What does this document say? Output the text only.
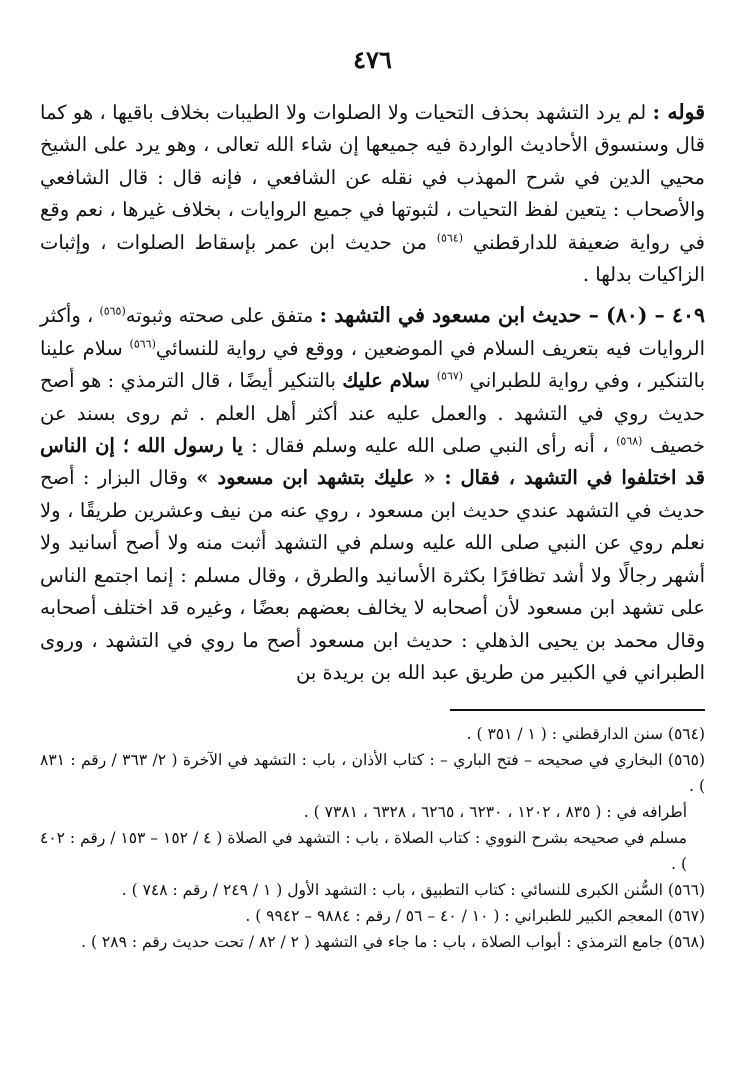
٤٧٦

قوله : لم يرد التشهد بحذف التحيات ولا الصلوات ولا الطيبات بخلاف باقيها ، هو كما قال وسنسوق الأحاديث الواردة فيه جميعها إن شاء الله تعالى ، وهو يرد على الشيخ محيي الدين في شرح المهذب في نقله عن الشافعي ، فإنه قال : قال الشافعي والأصحاب : يتعين لفظ التحيات ، لثبوتها في جميع الروايات ، بخلاف غيرها ، نعم وقع في رواية ضعيفة للدارقطني $^{(٥٦٤)}$ من حديث ابن عمر بإسقاط الصلوات ، وإثبات الزاكيات بدلها .

٤٠٩ – (٨٠) – حديث ابن مسعود في التشهد : متفق على صحته وثبوته$^{(٥٦٥)}$ ، وأكثر الروايات فيه بتعريف السلام في الموضعين ، ووقع في رواية للنسائي$^{(٥٦٦)}$ سلام علينا بالتنكير ، وفي رواية للطبراني $^{(٥٦٧)}$ سلام عليك بالتنكير أيضًا ، قال الترمذي : هو أصح حديث روي في التشهد . والعمل عليه عند أكثر أهل العلم . ثم روى بسند عن خصيف $^{(٥٦٨)}$ ، أنه رأى النبي صلى الله عليه وسلم فقال : يا رسول الله ؛ إن الناس قد اختلفوا في التشهد ، فقال : « عليك بتشهد ابن مسعود » وقال البزار : أصح حديث في التشهد عندي حديث ابن مسعود ، روي عنه من نيف وعشرين طريقًا ، ولا نعلم روي عن النبي صلى الله عليه وسلم في التشهد أثبت منه ولا أصح أسانيد ولا أشهر رجالًا ولا أشد تظافرًا بكثرة الأسانيد والطرق ، وقال مسلم : إنما اجتمع الناس على تشهد ابن مسعود لأن أصحابه لا يخالف بعضهم بعضًا ، وغيره قد اختلف أصحابه وقال محمد بن يحيى الذهلي : حديث ابن مسعود أصح ما روي في التشهد ، وروى الطبراني في الكبير من طريق عبد الله بن بريدة بن

(٥٦٤) سنن الدارقطني : ( ١ / ٣٥١ ) .

(٥٦٥) البخاري في صحيحه – فتح الباري – : كتاب الأذان ، باب : التشهد في الآخرة ( ٢/ ٣٦٣ / رقم : ٨٣١ ) .

أطرافه في : ( ٨٣٥ ، ١٢٠٢ ، ٦٢٣٠ ، ٦٢٦٥ ، ٦٣٢٨ ، ٧٣٨١ ) .

مسلم في صحيحه بشرح النووي : كتاب الصلاة ، باب : التشهد في الصلاة ( ٤ / ١٥٢ – ١٥٣ / رقم : ٤٠٢ ) .

(٥٦٦) السُّنن الكبرى للنسائي : كتاب التطبيق ، باب : التشهد الأول ( ١ / ٢٤٩ / رقم : ٧٤٨ ) .

(٥٦٧) المعجم الكبير للطبراني : ( ١٠ / ٤٠ – ٥٦ / رقم : ٩٨٨٤ – ٩٩٤٢ ) .

(٥٦٨) جامع الترمذي : أبواب الصلاة ، باب : ما جاء في التشهد ( ٢ / ٨٢ / تحت حديث رقم : ٢٨٩ ) .
